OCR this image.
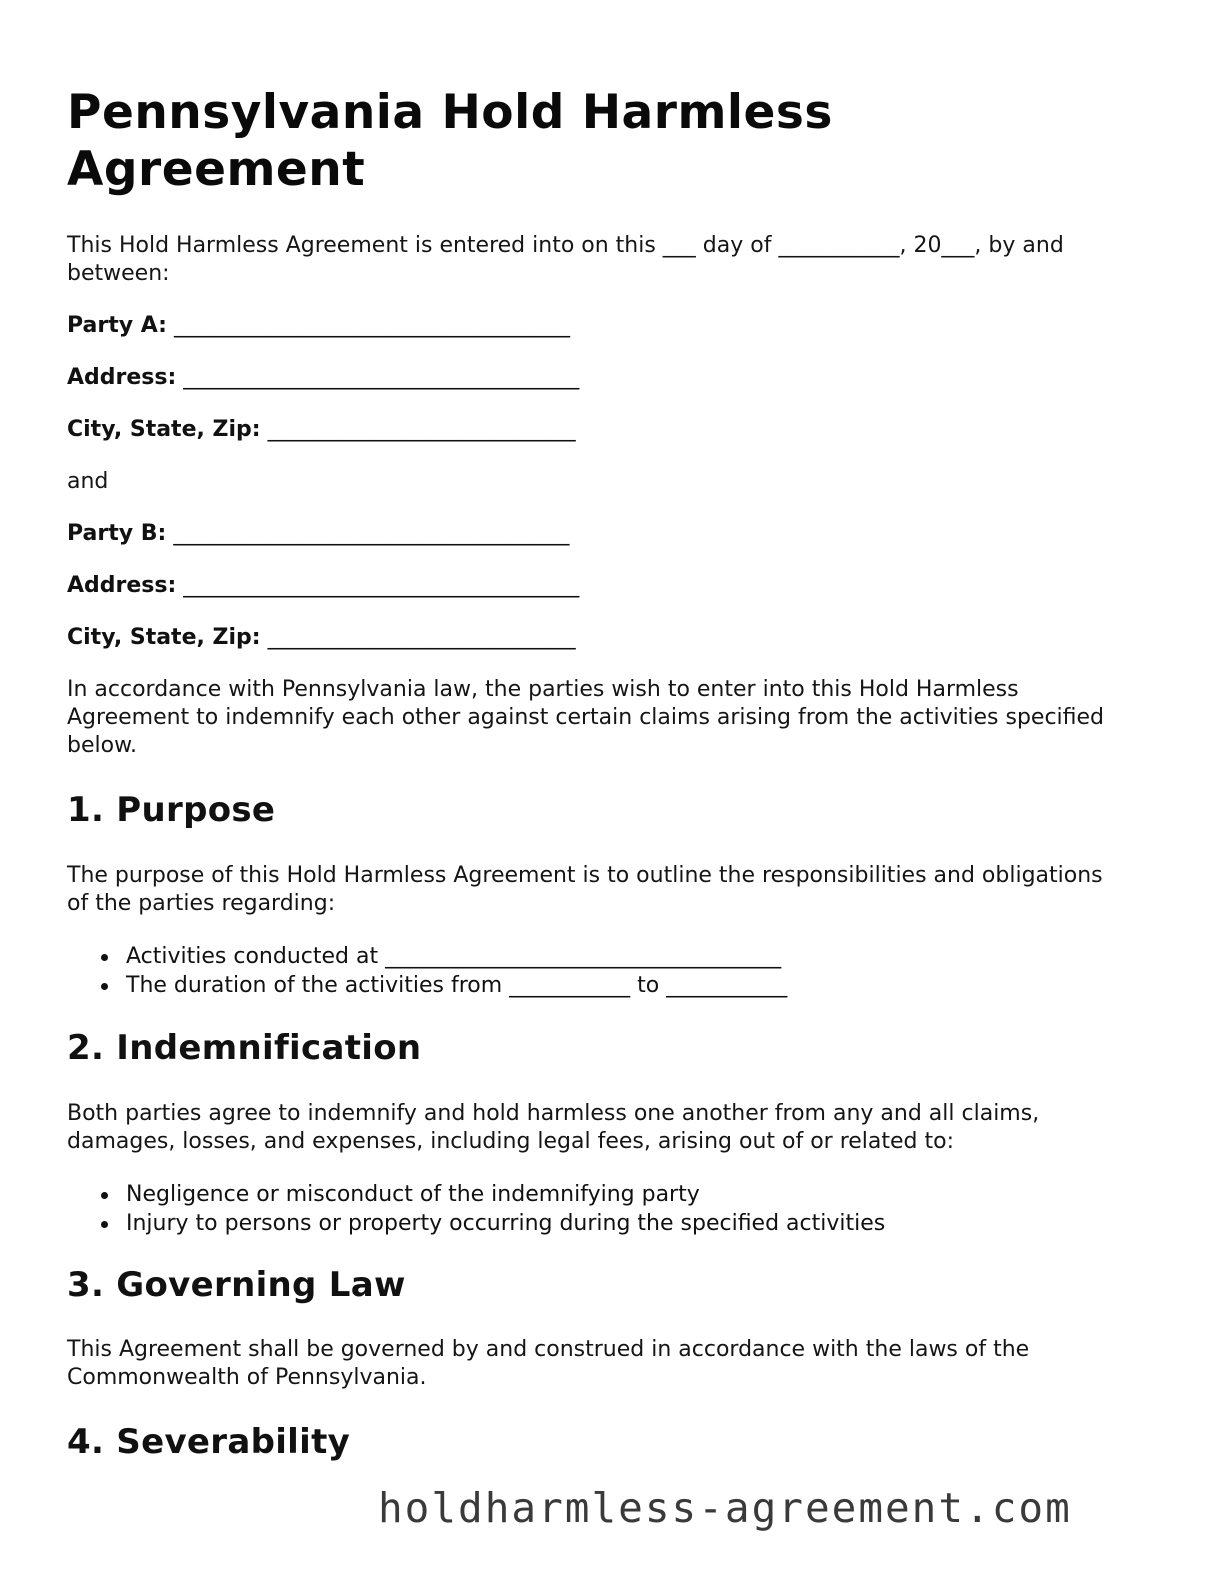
Pennsylvania Hold Harmless Agreement

This Hold Harmless Agreement is entered into on this ___ day of ___________, 20___, by and between:

Party A: ____________________________________

Address: ____________________________________

City, State, Zip: ____________________________

and

Party B: ____________________________________

Address: ____________________________________

City, State, Zip: ____________________________

In accordance with Pennsylvania law, the parties wish to enter into this Hold Harmless Agreement to indemnify each other against certain claims arising from the activities specified below.

1. Purpose

The purpose of this Hold Harmless Agreement is to outline the responsibilities and obligations of the parties regarding:

Activities conducted at ____________________________________
The duration of the activities from ___________ to ___________
2. Indemnification

Both parties agree to indemnify and hold harmless one another from any and all claims, damages, losses, and expenses, including legal fees, arising out of or related to:

Negligence or misconduct of the indemnifying party
Injury to persons or property occurring during the specified activities
3. Governing Law

This Agreement shall be governed by and construed in accordance with the laws of the Commonwealth of Pennsylvania.

4. Severability
holdharmless-agreement.com
